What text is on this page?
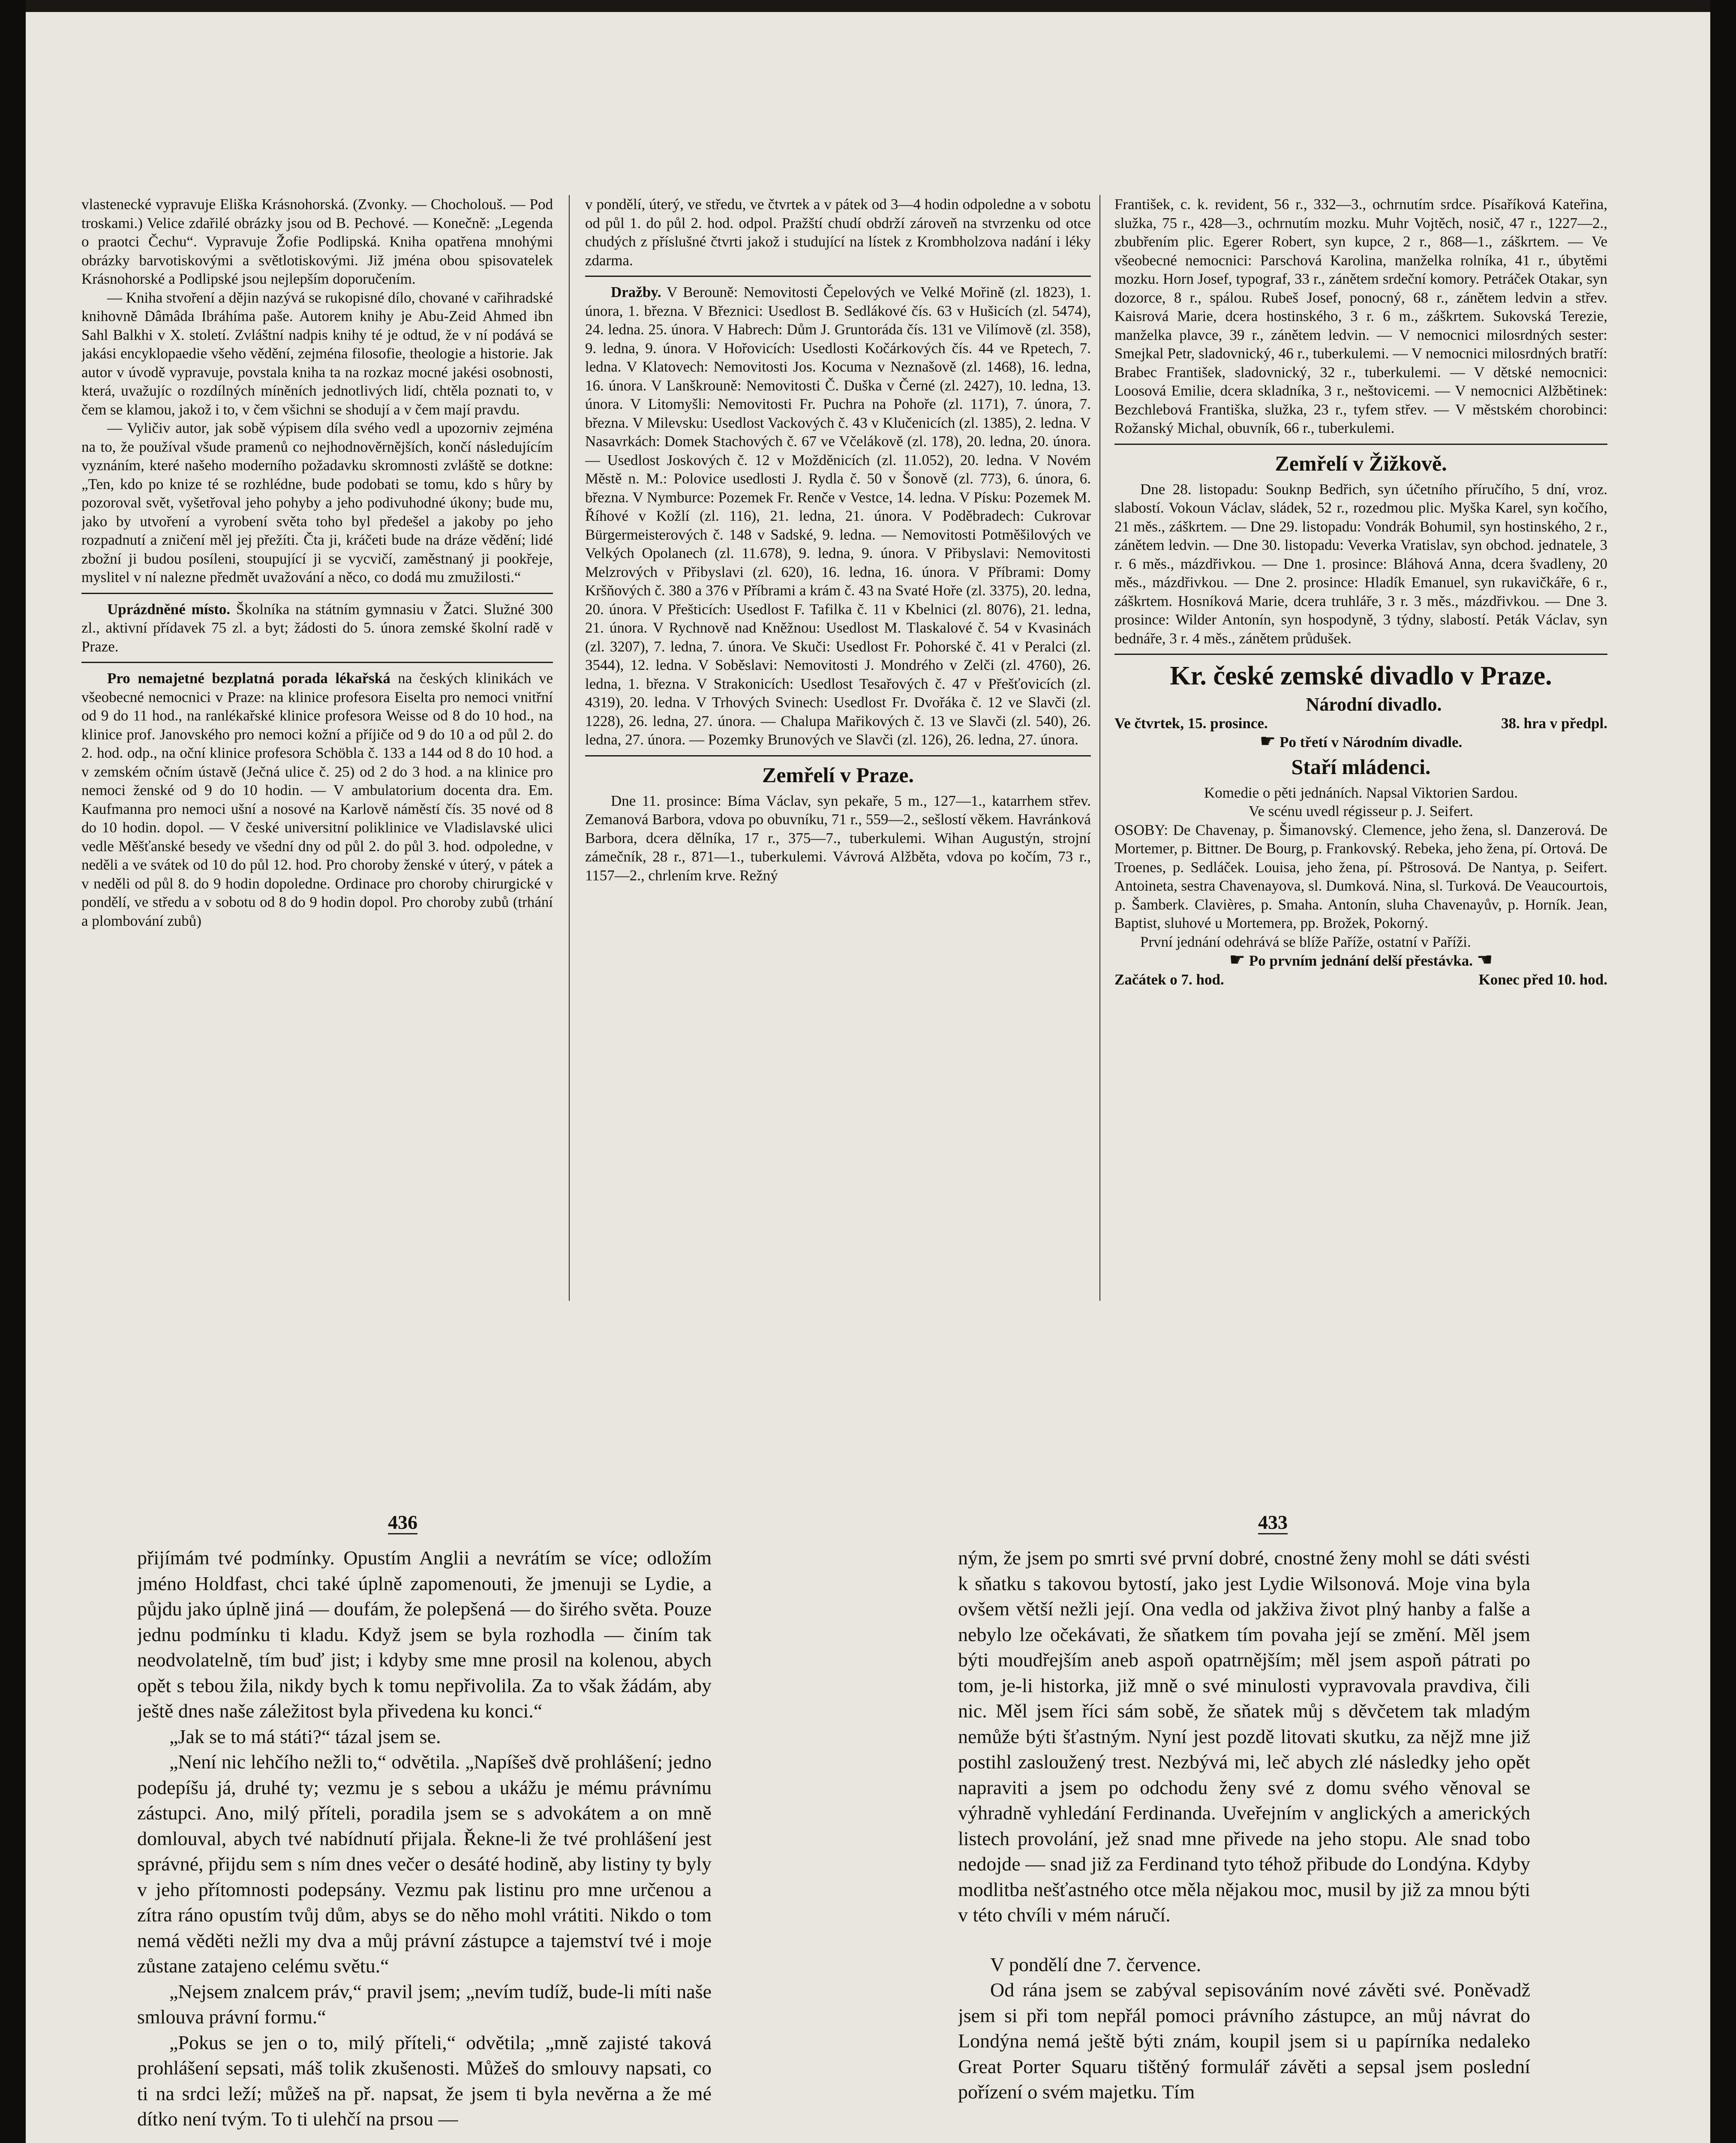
vlastenecké vypravuje Eliška Krásnohorská. (Zvonky. — Chocholouš. — Pod troskami.) Velice zdařilé obrázky jsou od B. Pechové. — Konečně: „Legenda o praotci Čechu“. Vypravuje Žofie Podlipská. Kniha opatřena mnohými obrázky barvotiskovými a světlotiskovými. Již jména obou spisovatelek Krásnohorské a Podlipské jsou nejlepším doporučením.

— Kniha stvoření a dějin nazývá se rukopisné dílo, chované v cařihradské knihovně Dâmâda Ibráhíma paše. Autorem knihy je Abu-Zeid Ahmed ibn Sahl Balkhi v X. století. Zvláštní nadpis knihy té je odtud, že v ní podává se jakási encyklopaedie všeho vědění, zejména filosofie, theologie a historie. Jak autor v úvodě vypravuje, povstala kniha ta na rozkaz mocné jakési osobnosti, která, uvažujíc o rozdílných míněních jednotlivých lidí, chtěla poznati to, v čem se klamou, jakož i to, v čem všichni se shodují a v čem mají pravdu.

— Vyličiv autor, jak sobě výpisem díla svého vedl a upozorniv zejména na to, že používal všude pramenů co nejhodnověrnějších, končí následujícím vyznáním, které našeho moderního požadavku skromnosti zvláště se dotkne: „Ten, kdo po knize té se rozhlédne, bude podobati se tomu, kdo s hůry by pozoroval svět, vyšetřoval jeho pohyby a jeho podivuhodné úkony; bude mu, jako by utvoření a vyrobení světa toho byl předešel a jakoby po jeho rozpadnutí a zničení měl jej přežíti. Čta ji, kráčeti bude na dráze vědění; lidé zbožní ji budou posíleni, stoupující ji se vycvičí, zaměstnaný ji pookřeje, myslitel v ní nalezne předmět uvažování a něco, co dodá mu zmužilosti.“

Uprázdněné místo. Školníka na státním gymnasiu v Žatci. Služné 300 zl., aktivní přídavek 75 zl. a byt; žádosti do 5. února zemské školní radě v Praze.

Pro nemajetné bezplatná porada lékařská na českých klinikách ve všeobecné nemocnici v Praze: na klinice profesora Eiselta pro nemoci vnitřní od 9 do 11 hod., na ranlékařské klinice profesora Weisse od 8 do 10 hod., na klinice prof. Janovského pro nemoci kožní a příjiče od 9 do 10 a od půl 2. do 2. hod. odp., na oční klinice profesora Schöbla č. 133 a 144 od 8 do 10 hod. a v zemském očním ústavě (Ječná ulice č. 25) od 2 do 3 hod. a na klinice pro nemoci ženské od 9 do 10 hodin. — V ambulatorium docenta dra. Em. Kaufmanna pro nemoci ušní a nosové na Karlově náměstí čís. 35 nové od 8 do 10 hodin. dopol. — V české universitní poliklinice ve Vladislavské ulici vedle Měšťanské besedy ve všední dny od půl 2. do půl 3. hod. odpoledne, v neděli a ve svátek od 10 do půl 12. hod. Pro choroby ženské v úterý, v pátek a v neděli od půl 8. do 9 hodin dopoledne. Ordinace pro choroby chirurgické v pondělí, ve středu a v sobotu od 8 do 9 hodin dopol. Pro choroby zubů (trhání a plombování zubů)

v pondělí, úterý, ve středu, ve čtvrtek a v pátek od 3—4 hodin odpoledne a v sobotu od půl 1. do půl 2. hod. odpol. Pražští chudí obdrží zároveň na stvrzenku od otce chudých z příslušné čtvrti jakož i studující na lístek z Krombholzova nadání i léky zdarma.

Dražby. V Berouně: Nemovitosti Čepelových ve Velké Mořině (zl. 1823), 1. února, 1. března. V Březnici: Usedlost B. Sedlákové čís. 63 v Hušicích (zl. 5474), 24. ledna. 25. února. V Habrech: Dům J. Gruntoráda čís. 131 ve Vilímově (zl. 358), 9. ledna, 9. února. V Hořovicích: Usedlosti Kočárkových čís. 44 ve Rpetech, 7. ledna. V Klatovech: Nemovitosti Jos. Kocuma v Neznašově (zl. 1468), 16. ledna, 16. února. V Lanškrouně: Nemovitosti Č. Duška v Černé (zl. 2427), 10. ledna, 13. února. V Litomyšli: Nemovitosti Fr. Puchra na Pohoře (zl. 1171), 7. února, 7. března. V Milevsku: Usedlost Vackových č. 43 v Klučenicích (zl. 1385), 2. ledna. V Nasavrkách: Domek Stachových č. 67 ve Včelákově (zl. 178), 20. ledna, 20. února. — Usedlost Joskových č. 12 v Možděnicích (zl. 11.052), 20. ledna. V Novém Městě n. M.: Polovice usedlosti J. Rydla č. 50 v Šonově (zl. 773), 6. února, 6. března. V Nymburce: Pozemek Fr. Renče v Vestce, 14. ledna. V Písku: Pozemek M. Říhové v Kožlí (zl. 116), 21. ledna, 21. února. V Poděbradech: Cukrovar Bürgermeisterových č. 148 v Sadské, 9. ledna. — Nemovitosti Potměšilových ve Velkých Opolanech (zl. 11.678), 9. ledna, 9. února. V Přibyslavi: Nemovitosti Melzrových v Přibyslavi (zl. 620), 16. ledna, 16. února. V Příbrami: Domy Kršňových č. 380 a 376 v Příbrami a krám č. 43 na Svaté Hoře (zl. 3375), 20. ledna, 20. února. V Přešticích: Usedlost F. Tafilka č. 11 v Kbelnici (zl. 8076), 21. ledna, 21. února. V Rychnově nad Kněžnou: Usedlost M. Tlaskalové č. 54 v Kvasinách (zl. 3207), 7. ledna, 7. února. Ve Skuči: Usedlost Fr. Pohorské č. 41 v Peralci (zl. 3544), 12. ledna. V Soběslavi: Nemovitosti J. Mondrého v Zelči (zl. 4760), 26. ledna, 1. března. V Strakonicích: Usedlost Tesařových č. 47 v Přešťovicích (zl. 4319), 20. ledna. V Trhových Svinech: Usedlost Fr. Dvořáka č. 12 ve Slavči (zl. 1228), 26. ledna, 27. února. — Chalupa Mařikových č. 13 ve Slavči (zl. 540), 26. ledna, 27. února. — Pozemky Brunových ve Slavči (zl. 126), 26. ledna, 27. února.

Zemřelí v Praze.

Dne 11. prosince: Bíma Václav, syn pekaře, 5 m., 127—1., katarrhem střev. Zemanová Barbora, vdova po obuvníku, 71 r., 559—2., sešlostí věkem. Havránková Barbora, dcera dělníka, 17 r., 375—7., tuberkulemi. Wihan Augustýn, strojní zámečník, 28 r., 871—1., tuberkulemi. Vávrová Alžběta, vdova po kočím, 73 r., 1157—2., chrlením krve. Režný

František, c. k. revident, 56 r., 332—3., ochrnutím srdce. Písaříková Kateřina, služka, 75 r., 428—3., ochrnutím mozku. Muhr Vojtěch, nosič, 47 r., 1227—2., zbubřením plic. Egerer Robert, syn kupce, 2 r., 868—1., záškrtem. — Ve všeobecné nemocnici: Parschová Karolina, manželka rolníka, 41 r., úbytěmi mozku. Horn Josef, typograf, 33 r., zánětem srdeční komory. Petráček Otakar, syn dozorce, 8 r., spálou. Rubeš Josef, ponocný, 68 r., zánětem ledvin a střev. Kaisrová Marie, dcera hostinského, 3 r. 6 m., záškrtem. Sukovská Terezie, manželka plavce, 39 r., zánětem ledvin. — V nemocnici milosrdných sester: Smejkal Petr, sladovnický, 46 r., tuberkulemi. — V nemocnici milosrdných bratří: Brabec František, sladovnický, 32 r., tuberkulemi. — V dětské nemocnici: Loosová Emilie, dcera skladníka, 3 r., neštovicemi. — V nemocnici Alžbětinek: Bezchlebová Františka, služka, 23 r., tyfem střev. — V městském chorobinci: Rožanský Michal, obuvník, 66 r., tuberkulemi.

Zemřelí v Žižkově.

Dne 28. listopadu: Souknp Bedřich, syn účetního příručího, 5 dní, vroz. slabostí. Vokoun Václav, sládek, 52 r., rozedmou plic. Myška Karel, syn kočího, 21 měs., záškrtem. — Dne 29. listopadu: Vondrák Bohumil, syn hostinského, 2 r., zánětem ledvin. — Dne 30. listopadu: Veverka Vratislav, syn obchod. jednatele, 3 r. 6 měs., mázdřivkou. — Dne 1. prosince: Bláhová Anna, dcera švadleny, 20 měs., mázdřivkou. — Dne 2. prosince: Hladík Emanuel, syn rukavičkáře, 6 r., záškrtem. Hosníková Marie, dcera truhláře, 3 r. 3 měs., mázdřivkou. — Dne 3. prosince: Wilder Antonín, syn hospodyně, 3 týdny, slabostí. Peták Václav, syn bednáře, 3 r. 4 měs., zánětem průdušek.

Kr. české zemské divadlo v Praze.

Národní divadlo.

Ve čtvrtek, 15. prosince.	38. hra v předpl.

☛ Po třetí v Národním divadle.

Staří mládenci.

Komedie o pěti jednáních. Napsal Viktorien Sardou.

Ve scénu uvedl régisseur p. J. Seifert.

OSOBY: De Chavenay, p. Šimanovský. Clemence, jeho žena, sl. Danzerová. De Mortemer, p. Bittner. De Bourg, p. Frankovský. Rebeka, jeho žena, pí. Ortová. De Troenes, p. Sedláček. Louisa, jeho žena, pí. Pštrosová. De Nantya, p. Seifert. Antoineta, sestra Chavenayova, sl. Dumková. Nina, sl. Turková. De Veaucourtois, p. Šamberk. Clavières, p. Smaha. Antonín, sluha Chavenayův, p. Horník. Jean, Baptist, sluhové u Mortemera, pp. Brožek, Pokorný.

První jednání odehrává se blíže Paříže, ostatní v Paříži.

☛ Po prvním jednání delší přestávka. ☚

Začátek o 7. hod.	Konec před 10. hod.
436	433

přijímám tvé podmínky. Opustím Anglii a nevrátím se více; odložím jméno Holdfast, chci také úplně zapomenouti, že jmenuji se Lydie, a půjdu jako úplně jiná — doufám, že polepšená — do širého světa. Pouze jednu podmínku ti kladu. Když jsem se byla rozhodla — činím tak neodvolatelně, tím buď jist; i kdyby sme mne prosil na kolenou, abych opět s tebou žila, nikdy bych k tomu nepřivolila. Za to však žádám, aby ještě dnes naše záležitost byla přivedena ku konci.“

„Jak se to má státi?“ tázal jsem se.

„Není nic lehčího nežli to,“ odvětila. „Napíšeš dvě prohlášení; jedno podepíšu já, druhé ty; vezmu je s sebou a ukážu je mému právnímu zástupci. Ano, milý příteli, poradila jsem se s advokátem a on mně domlouval, abych tvé nabídnutí přijala. Řekne-li že tvé prohlášení jest správné, přijdu sem s ním dnes večer o desáté hodině, aby listiny ty byly v jeho přítomnosti podepsány. Vezmu pak listinu pro mne určenou a zítra ráno opustím tvůj dům, abys se do něho mohl vrátiti. Nikdo o tom nemá věděti nežli my dva a můj právní zástupce a tajemství tvé i moje zůstane zatajeno celému světu.“

„Nejsem znalcem práv,“ pravil jsem; „nevím tudíž, bude-li míti naše smlouva právní formu.“

„Pokus se jen o to, milý příteli,“ odvětila; „mně zajisté taková prohlášení sepsati, máš tolik zkušenosti. Můžeš do smlouvy napsati, co ti na srdci leží; můžeš na př. napsat, že jsem ti byla nevěrna a že mé dítko není tvým. To ti ulehčí na prsou —

ným, že jsem po smrti své první dobré, cnostné ženy mohl se dáti svésti k sňatku s takovou bytostí, jako jest Lydie Wilsonová. Moje vina byla ovšem větší nežli její. Ona vedla od jakživa život plný hanby a falše a nebylo lze očekávati, že sňatkem tím povaha její se změní. Měl jsem býti moudřejším aneb aspoň opatrnějším; měl jsem aspoň pátrati po tom, je-li historka, již mně o své minulosti vypravovala pravdiva, čili nic. Měl jsem říci sám sobě, že sňatek můj s děvčetem tak mladým nemůže býti šťastným. Nyní jest pozdě litovati skutku, za nějž mne již postihl zasloužený trest. Nezbývá mi, leč abych zlé následky jeho opět napraviti a jsem po odchodu ženy své z domu svého věnoval se výhradně vyhledání Ferdinanda. Uveřejním v anglických a amerických listech provolání, jež snad mne přivede na jeho stopu. Ale snad tobo nedojde — snad již za Ferdinand tyto téhož přibude do Londýna. Kdyby modlitba nešťastného otce měla nějakou moc, musil by již za mnou býti v této chvíli v mém náručí.

V pondělí dne 7. července.

Od rána jsem se zabýval sepisováním nové závěti své. Poněvadž jsem si při tom nepřál pomoci právního zástupce, an můj návrat do Londýna nemá ještě býti znám, koupil jsem si u papírníka nedaleko Great Porter Squaru tištěný formulář závěti a sepsal jsem poslední pořízení o svém majetku. Tím
